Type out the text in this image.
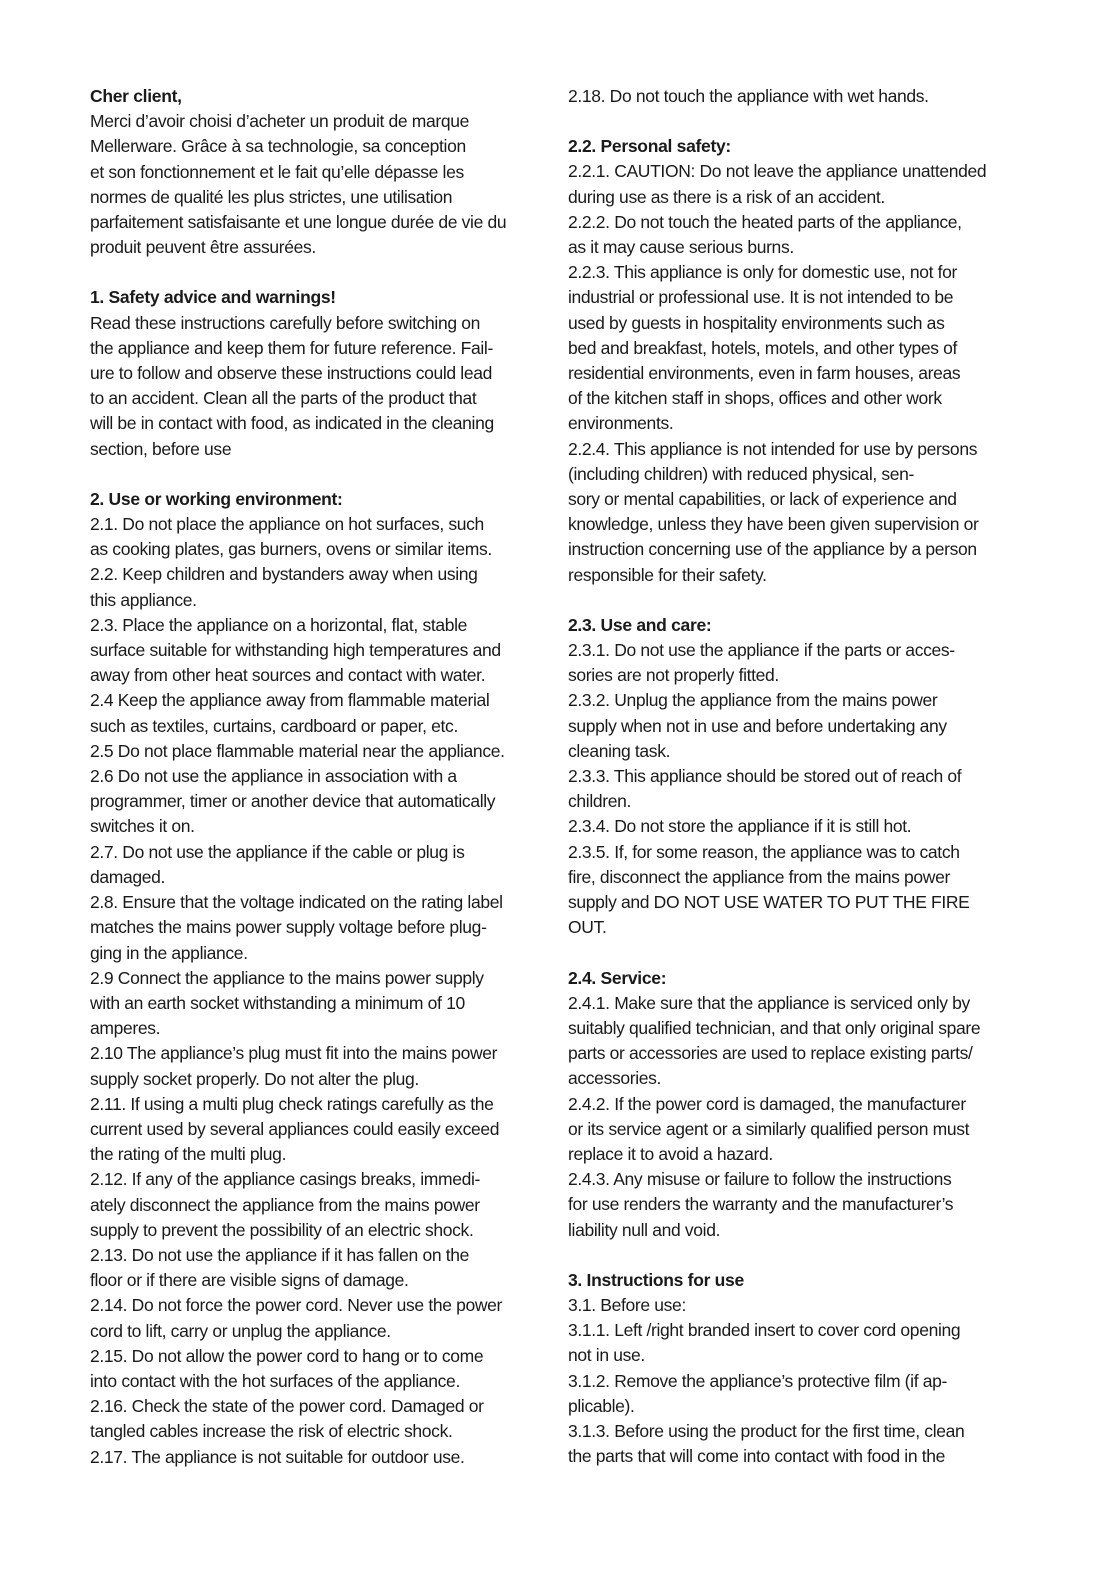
Cher client,

Merci d’avoir choisi d’acheter un produit de marque
Mellerware. Grâce à sa technologie, sa conception
et son fonctionnement et le fait qu’elle dépasse les
normes de qualité les plus strictes, une utilisation
parfaitement satisfaisante et une longue durée de vie du
produit peuvent être assurées.

1. Safety advice and warnings!

Read these instructions carefully before switching on
the appliance and keep them for future reference. Fail-
ure to follow and observe these instructions could lead
to an accident. Clean all the parts of the product that
will be in contact with food, as indicated in the cleaning
section, before use

2. Use or working environment:

2.1. Do not place the appliance on hot surfaces, such
as cooking plates, gas burners, ovens or similar items.

2.2. Keep children and bystanders away when using
this appliance.

2.3. Place the appliance on a horizontal, flat, stable
surface suitable for withstanding high temperatures and
away from other heat sources and contact with water.

2.4 Keep the appliance away from flammable material
such as textiles, curtains, cardboard or paper, etc.

2.5 Do not place flammable material near the appliance.

2.6 Do not use the appliance in association with a
programmer, timer or another device that automatically
switches it on.

2.7. Do not use the appliance if the cable or plug is
damaged.

2.8. Ensure that the voltage indicated on the rating label
matches the mains power supply voltage before plug-
ging in the appliance.

2.9 Connect the appliance to the mains power supply
with an earth socket withstanding a minimum of 10
amperes.

2.10 The appliance’s plug must fit into the mains power
supply socket properly. Do not alter the plug.

2.11. If using a multi plug check ratings carefully as the
current used by several appliances could easily exceed
the rating of the multi plug.

2.12. If any of the appliance casings breaks, immedi-
ately disconnect the appliance from the mains power
supply to prevent the possibility of an electric shock.

2.13. Do not use the appliance if it has fallen on the
floor or if there are visible signs of damage.

2.14. Do not force the power cord. Never use the power
cord to lift, carry or unplug the appliance.

2.15. Do not allow the power cord to hang or to come
into contact with the hot surfaces of the appliance.

2.16. Check the state of the power cord. Damaged or
tangled cables increase the risk of electric shock.

2.17. The appliance is not suitable for outdoor use.

2.18. Do not touch the appliance with wet hands.

2.2. Personal safety:

2.2.1. CAUTION: Do not leave the appliance unattended
during use as there is a risk of an accident.

2.2.2. Do not touch the heated parts of the appliance,
as it may cause serious burns.

2.2.3. This appliance is only for domestic use, not for
industrial or professional use. It is not intended to be
used by guests in hospitality environments such as
bed and breakfast, hotels, motels, and other types of
residential environments, even in farm houses, areas
of the kitchen staff in shops, offices and other work
environments.

2.2.4. This appliance is not intended for use by persons
(including children) with reduced physical, sen-
sory or mental capabilities, or lack of experience and
knowledge, unless they have been given supervision or
instruction concerning use of the appliance by a person
responsible for their safety.

2.3. Use and care:

2.3.1. Do not use the appliance if the parts or acces-
sories are not properly fitted.

2.3.2. Unplug the appliance from the mains power
supply when not in use and before undertaking any
cleaning task.

2.3.3. This appliance should be stored out of reach of
children.

2.3.4. Do not store the appliance if it is still hot.

2.3.5. If, for some reason, the appliance was to catch
fire, disconnect the appliance from the mains power
supply and DO NOT USE WATER TO PUT THE FIRE
OUT.

2.4. Service:

2.4.1. Make sure that the appliance is serviced only by
suitably qualified technician, and that only original spare
parts or accessories are used to replace existing parts/
accessories.

2.4.2. If the power cord is damaged, the manufacturer
or its service agent or a similarly qualified person must
replace it to avoid a hazard.

2.4.3. Any misuse or failure to follow the instructions
for use renders the warranty and the manufacturer’s
liability null and void.

3. Instructions for use

3.1. Before use:

3.1.1. Left /right branded insert to cover cord opening
not in use.

3.1.2. Remove the appliance’s protective film (if ap-
plicable).

3.1.3. Before using the product for the first time, clean
the parts that will come into contact with food in the
